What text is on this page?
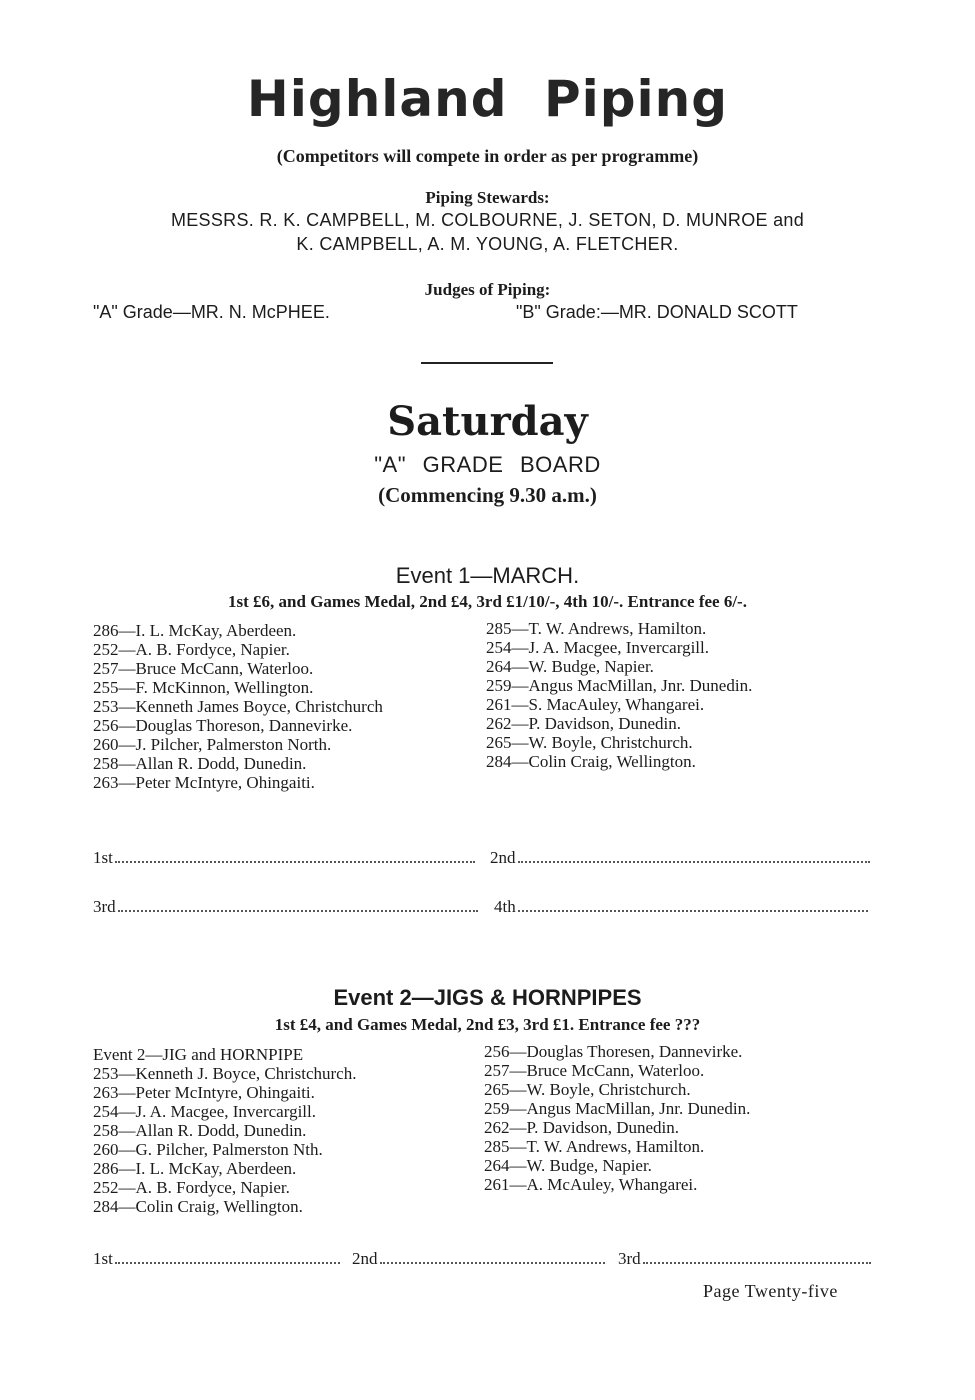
Highland Piping
(Competitors will compete in order as per programme)
Piping Stewards:
MESSRS. R. K. CAMPBELL, M. COLBOURNE, J. SETON, D. MUNROE and
K. CAMPBELL, A. M. YOUNG, A. FLETCHER.
Judges of Piping:
"A" Grade—MR. N. McPHEE.	"B" Grade:—MR. DONALD SCOTT
Saturday
"A" GRADE BOARD
(Commencing 9.30 a.m.)
Event 1—MARCH.
1st £6, and Games Medal, 2nd £4, 3rd £1/10/-, 4th 10/-. Entrance fee 6/-.
286—I. L. McKay, Aberdeen.
252—A. B. Fordyce, Napier.
257—Bruce McCann, Waterloo.
255—F. McKinnon, Wellington.
253—Kenneth James Boyce, Christchurch
256—Douglas Thoreson, Dannevirke.
260—J. Pilcher, Palmerston North.
258—Allan R. Dodd, Dunedin.
263—Peter McIntyre, Ohingaiti.
285—T. W. Andrews, Hamilton.
254—J. A. Macgee, Invercargill.
264—W. Budge, Napier.
259—Angus MacMillan, Jnr. Dunedin.
261—S. MacAuley, Whangarei.
262—P. Davidson, Dunedin.
265—W. Boyle, Christchurch.
284—Colin Craig, Wellington.
1st	2nd
3rd	4th
Event 2—JIGS & HORNPIPES
1st £4, and Games Medal, 2nd £3, 3rd £1. Entrance fee ???
Event 2—JIG and HORNPIPE
253—Kenneth J. Boyce, Christchurch.
263—Peter McIntyre, Ohingaiti.
254—J. A. Macgee, Invercargill.
258—Allan R. Dodd, Dunedin.
260—G. Pilcher, Palmerston Nth.
286—I. L. McKay, Aberdeen.
252—A. B. Fordyce, Napier.
284—Colin Craig, Wellington.
256—Douglas Thoresen, Dannevirke.
257—Bruce McCann, Waterloo.
265—W. Boyle, Christchurch.
259—Angus MacMillan, Jnr. Dunedin.
262—P. Davidson, Dunedin.
285—T. W. Andrews, Hamilton.
264—W. Budge, Napier.
261—A. McAuley, Whangarei.
1st	2nd	3rd
Page Twenty-five
